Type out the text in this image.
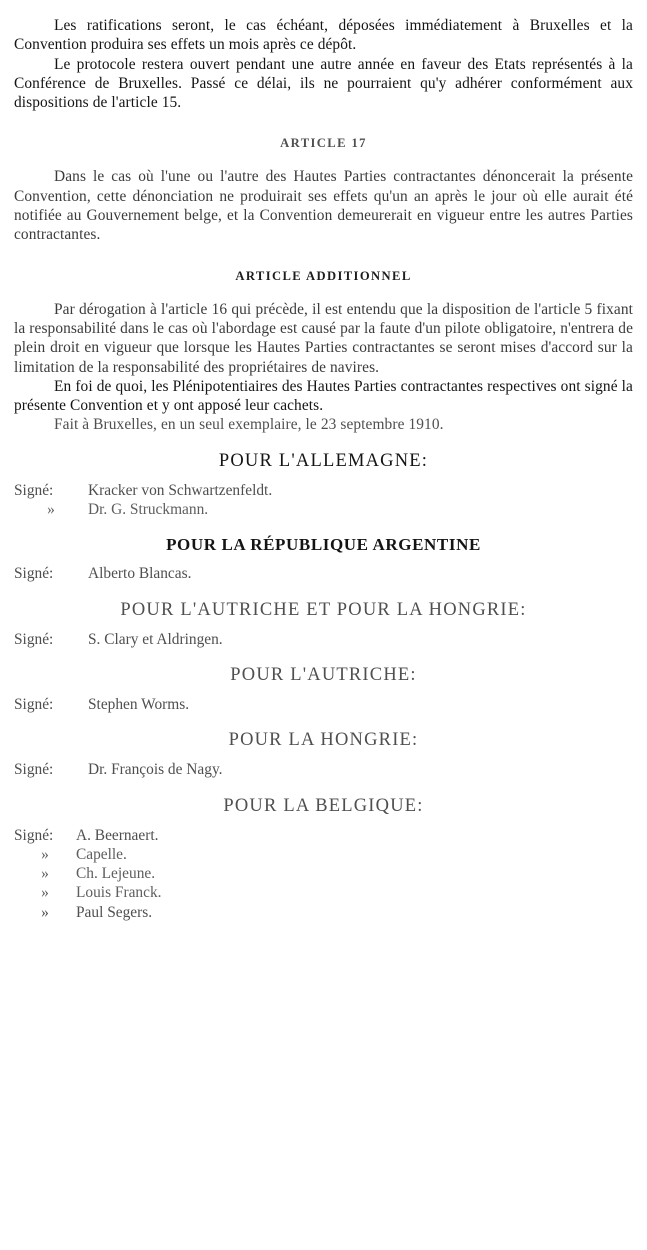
Les ratifications seront, le cas échéant, déposées immédiatement à Bruxelles et la Convention produira ses effets un mois après ce dépôt.

Le protocole restera ouvert pendant une autre année en faveur des Etats représentés à la Conférence de Bruxelles. Passé ce délai, ils ne pourraient qu'y adhérer conformément aux dispositions de l'article 15.

ARTICLE 17

Dans le cas où l'une ou l'autre des Hautes Parties contractantes dénoncerait la présente Convention, cette dénonciation ne produirait ses effets qu'un an après le jour où elle aurait été notifiée au Gouvernement belge, et la Convention demeurerait en vigueur entre les autres Parties contractantes.

ARTICLE ADDITIONNEL

Par dérogation à l'article 16 qui précède, il est entendu que la disposition de l'article 5 fixant la responsabilité dans le cas où l'abordage est causé par la faute d'un pilote obligatoire, n'entrera de plein droit en vigueur que lorsque les Hautes Parties contractantes se seront mises d'accord sur la limitation de la responsabilité des propriétaires de navires.

En foi de quoi, les Plénipotentiaires des Hautes Parties contractantes respectives ont signé la présente Convention et y ont apposé leur cachets.

Fait à Bruxelles, en un seul exemplaire, le 23 septembre 1910.

POUR L'ALLEMAGNE:
Signé: Kracker von Schwartzenfeldt.
» Dr. G. Struckmann.
POUR LA RÉPUBLIQUE ARGENTINE
Signé: Alberto Blancas.
POUR L'AUTRICHE ET POUR LA HONGRIE:
Signé: S. Clary et Aldringen.
POUR L'AUTRICHE:
Signé: Stephen Worms.
POUR LA HONGRIE:
Signé: Dr. François de Nagy.
POUR LA BELGIQUE:
Signé: A. Beernaert.
» Capelle.
» Ch. Lejeune.
» Louis Franck.
» Paul Segers.
